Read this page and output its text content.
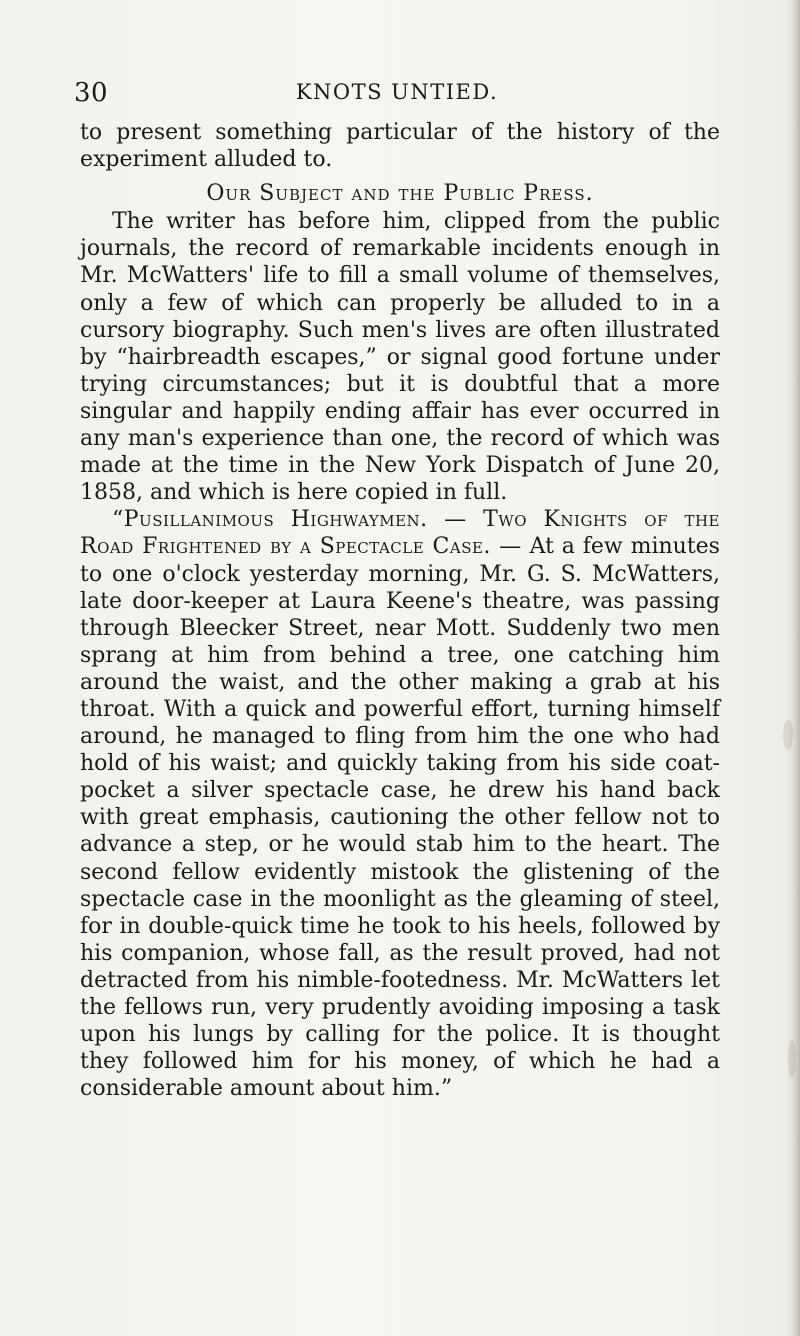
30	KNOTS UNTIED.

to present something particular of the history of the experiment alluded to.

Our Subject and the Public Press.

The writer has before him, clipped from the public journals, the record of remarkable incidents enough in Mr. McWatters' life to fill a small volume of themselves, only a few of which can properly be alluded to in a cursory biography. Such men's lives are often illustrated by “hairbreadth escapes,” or signal good fortune under trying circumstances; but it is doubtful that a more singular and happily ending affair has ever occurred in any man's experience than one, the record of which was made at the time in the New York Dispatch of June 20, 1858, and which is here copied in full.

“Pusillanimous Highwaymen. — Two Knights of the Road Frightened by a Spectacle Case. — At a few minutes to one o'clock yesterday morning, Mr. G. S. McWatters, late door-keeper at Laura Keene's theatre, was passing through Bleecker Street, near Mott. Suddenly two men sprang at him from behind a tree, one catching him around the waist, and the other making a grab at his throat. With a quick and powerful effort, turning himself around, he managed to fling from him the one who had hold of his waist; and quickly taking from his side coat-pocket a silver spectacle case, he drew his hand back with great emphasis, cautioning the other fellow not to advance a step, or he would stab him to the heart. The second fellow evidently mistook the glistening of the spectacle case in the moonlight as the gleaming of steel, for in double-quick time he took to his heels, followed by his companion, whose fall, as the result proved, had not detracted from his nimble-footedness. Mr. McWatters let the fellows run, very prudently avoiding imposing a task upon his lungs by calling for the police. It is thought they followed him for his money, of which he had a considerable amount about him.”
